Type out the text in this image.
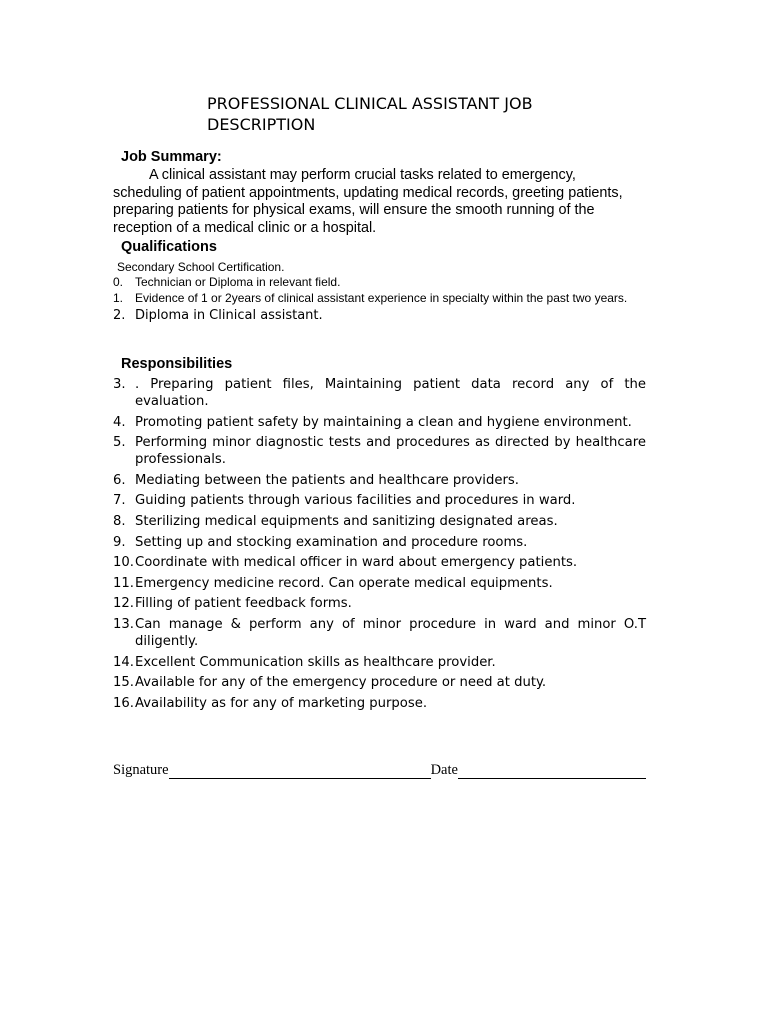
PROFESSIONAL CLINICAL ASSISTANT JOB DESCRIPTION
Job Summary:

A clinical assistant may perform crucial tasks related to emergency, scheduling of patient appointments, updating medical records, greeting patients, preparing patients for physical exams, will ensure the smooth running of the reception of a medical clinic or a hospital.

Qualifications

Secondary School Certification.

0. Technician or Diploma in relevant field.
1. Evidence of 1 or 2years of clinical assistant experience in specialty within the past two years.
2. Diploma in Clinical assistant.
Responsibilities
3. . Preparing patient files, Maintaining patient data record any of the evaluation.
4. Promoting patient safety by maintaining a clean and hygiene environment.
5. Performing minor diagnostic tests and procedures as directed by healthcare professionals.
6. Mediating between the patients and healthcare providers.
7. Guiding patients through various facilities and procedures in ward.
8. Sterilizing medical equipments and sanitizing designated areas.
9. Setting up and stocking examination and procedure rooms.
10. Coordinate with medical officer in ward about emergency patients.
11. Emergency medicine record. Can operate medical equipments.
12. Filling of patient feedback forms.
13. Can manage & perform any of minor procedure in ward and minor O.T diligently.
14. Excellent Communication skills as healthcare provider.
15. Available for any of the emergency procedure or need at duty.
16. Availability as for any of marketing purpose.
Signature	Date
